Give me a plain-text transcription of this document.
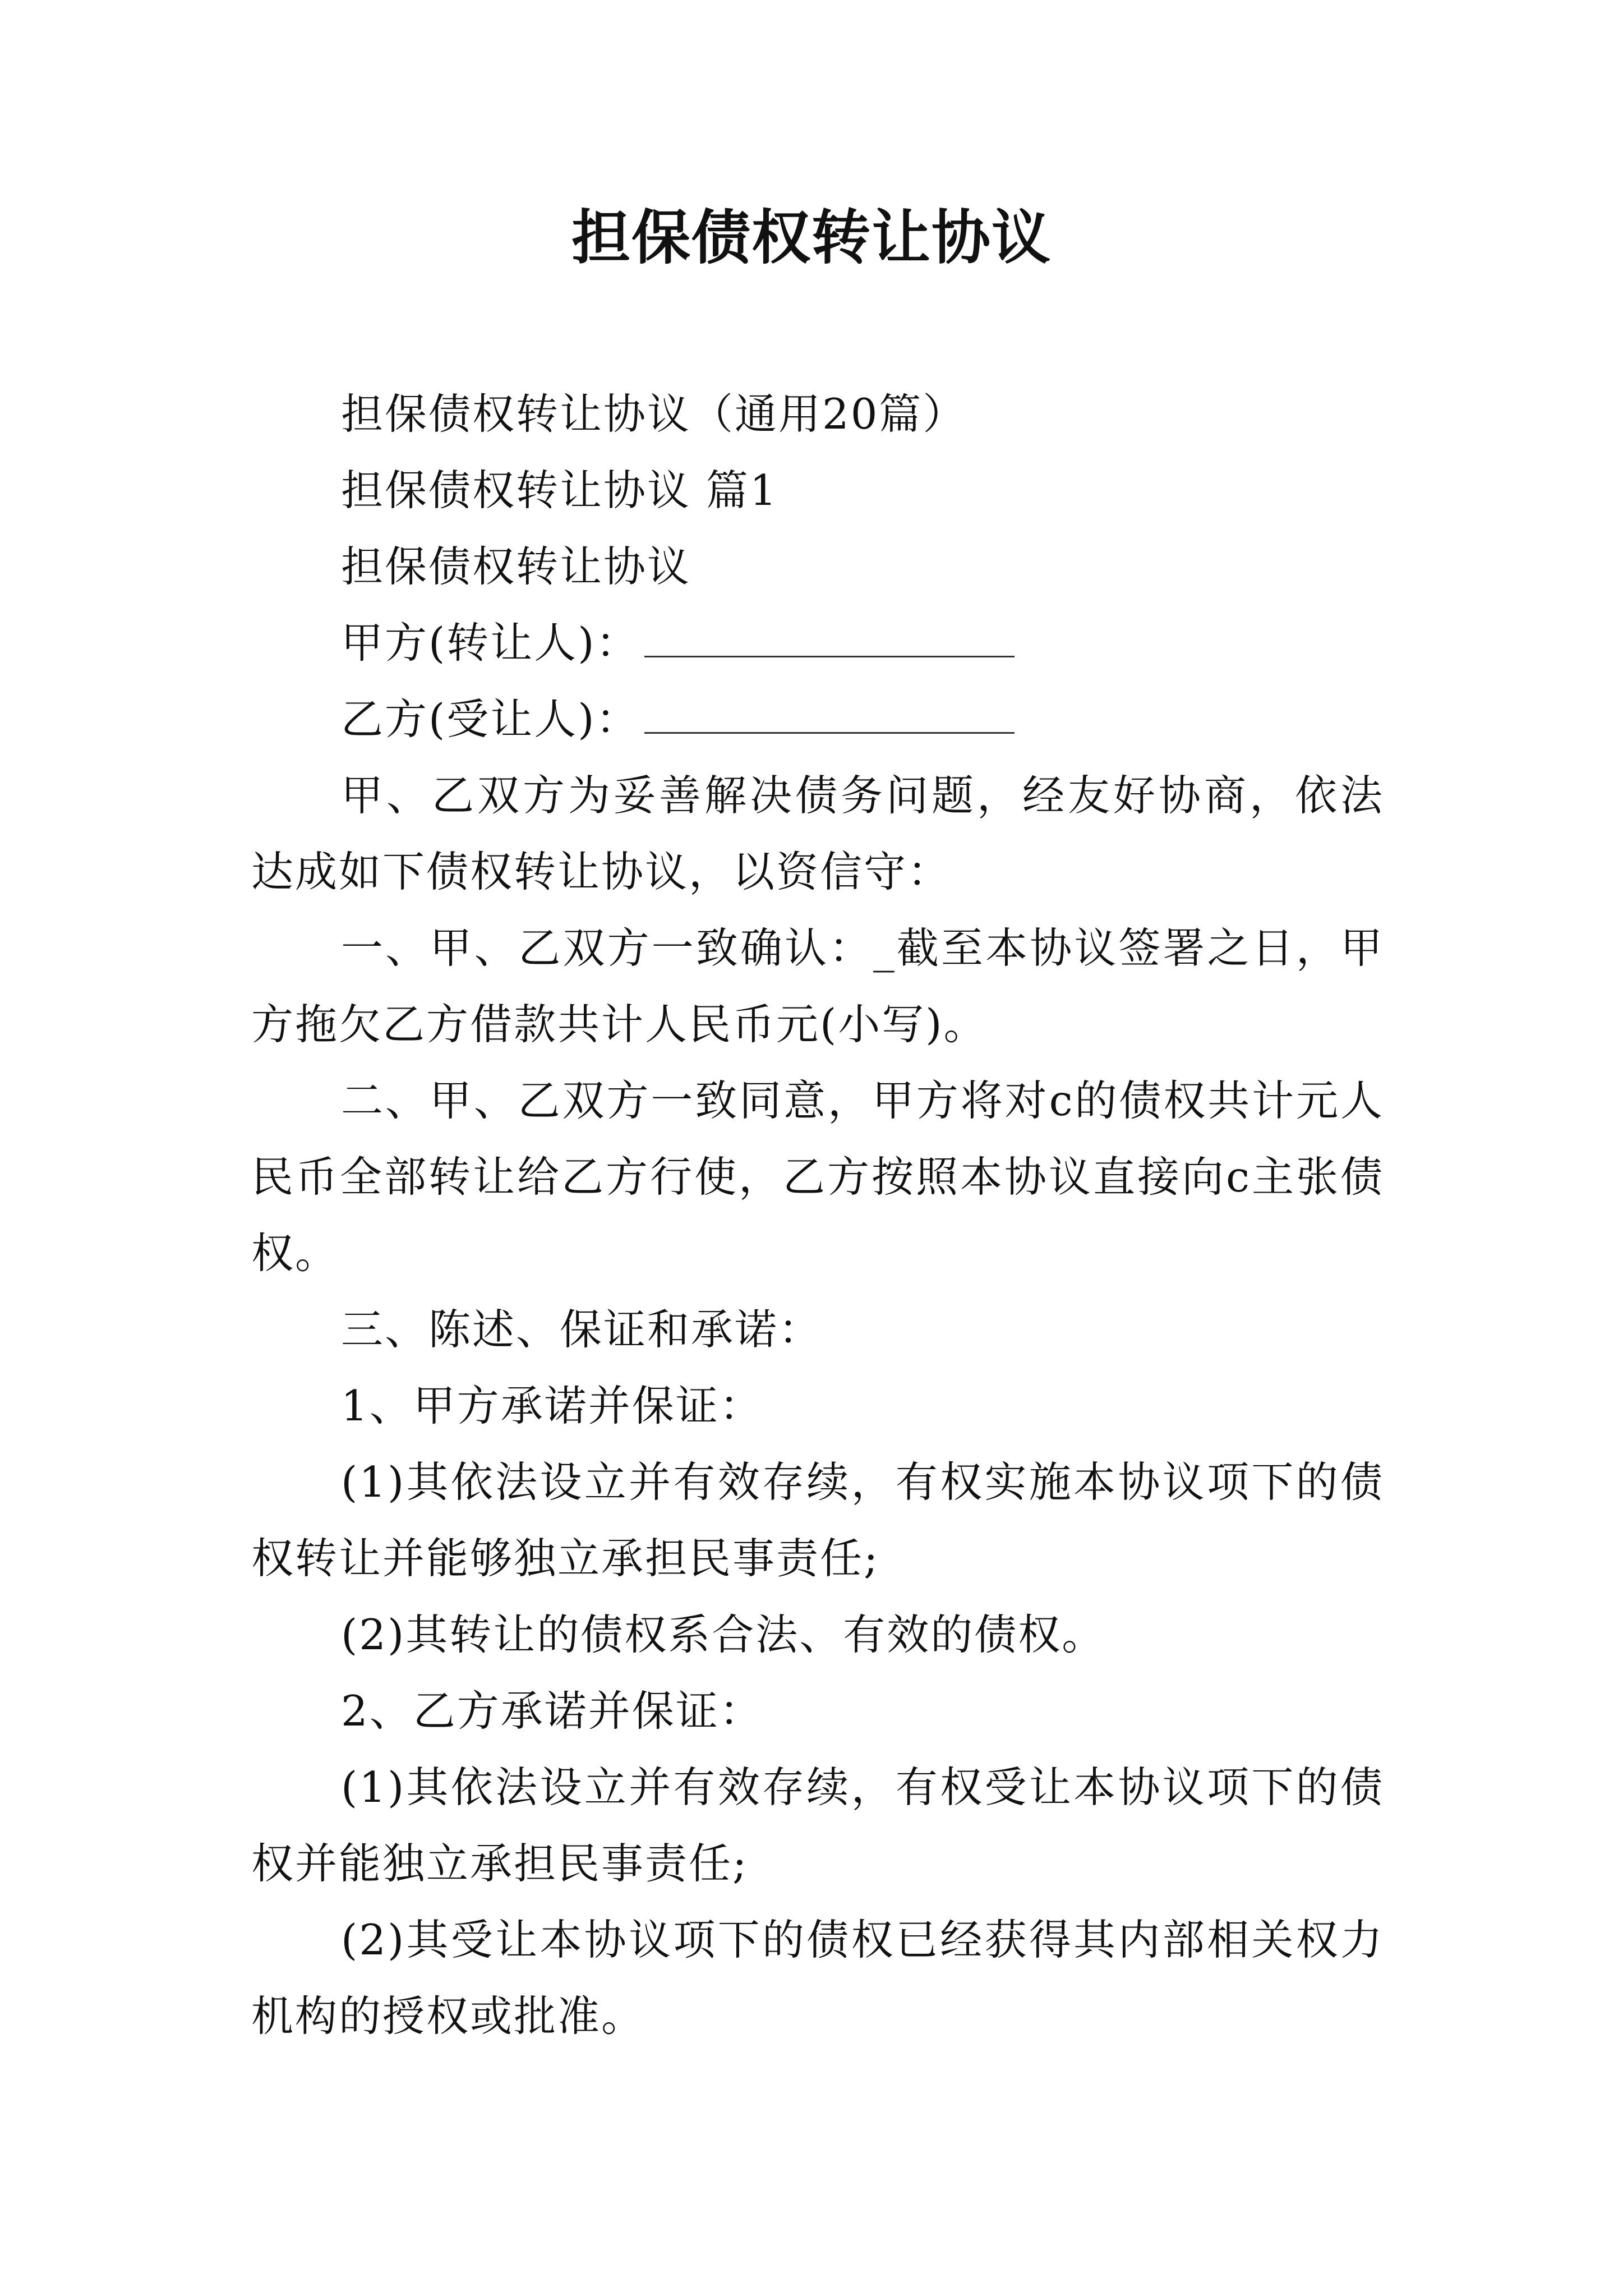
担保债权转让协议

担保债权转让协议（通用20篇）

担保债权转让协议 篇1

担保债权转让协议

甲方(转让人)：

乙方(受让人)：

甲、乙双方为妥善解决债务问题，经友好协商，依法达成如下债权转让协议，以资信守：

一、甲、乙双方一致确认：_截至本协议签署之日，甲方拖欠乙方借款共计人民币元(小写)。

二、甲、乙双方一致同意，甲方将对c的债权共计元人民币全部转让给乙方行使，乙方按照本协议直接向c主张债权。

三、陈述、保证和承诺：

1、甲方承诺并保证：

(1)其依法设立并有效存续，有权实施本协议项下的债权转让并能够独立承担民事责任;

(2)其转让的债权系合法、有效的债权。

2、乙方承诺并保证：

(1)其依法设立并有效存续，有权受让本协议项下的债权并能独立承担民事责任;

(2)其受让本协议项下的债权已经获得其内部相关权力机构的授权或批准。
